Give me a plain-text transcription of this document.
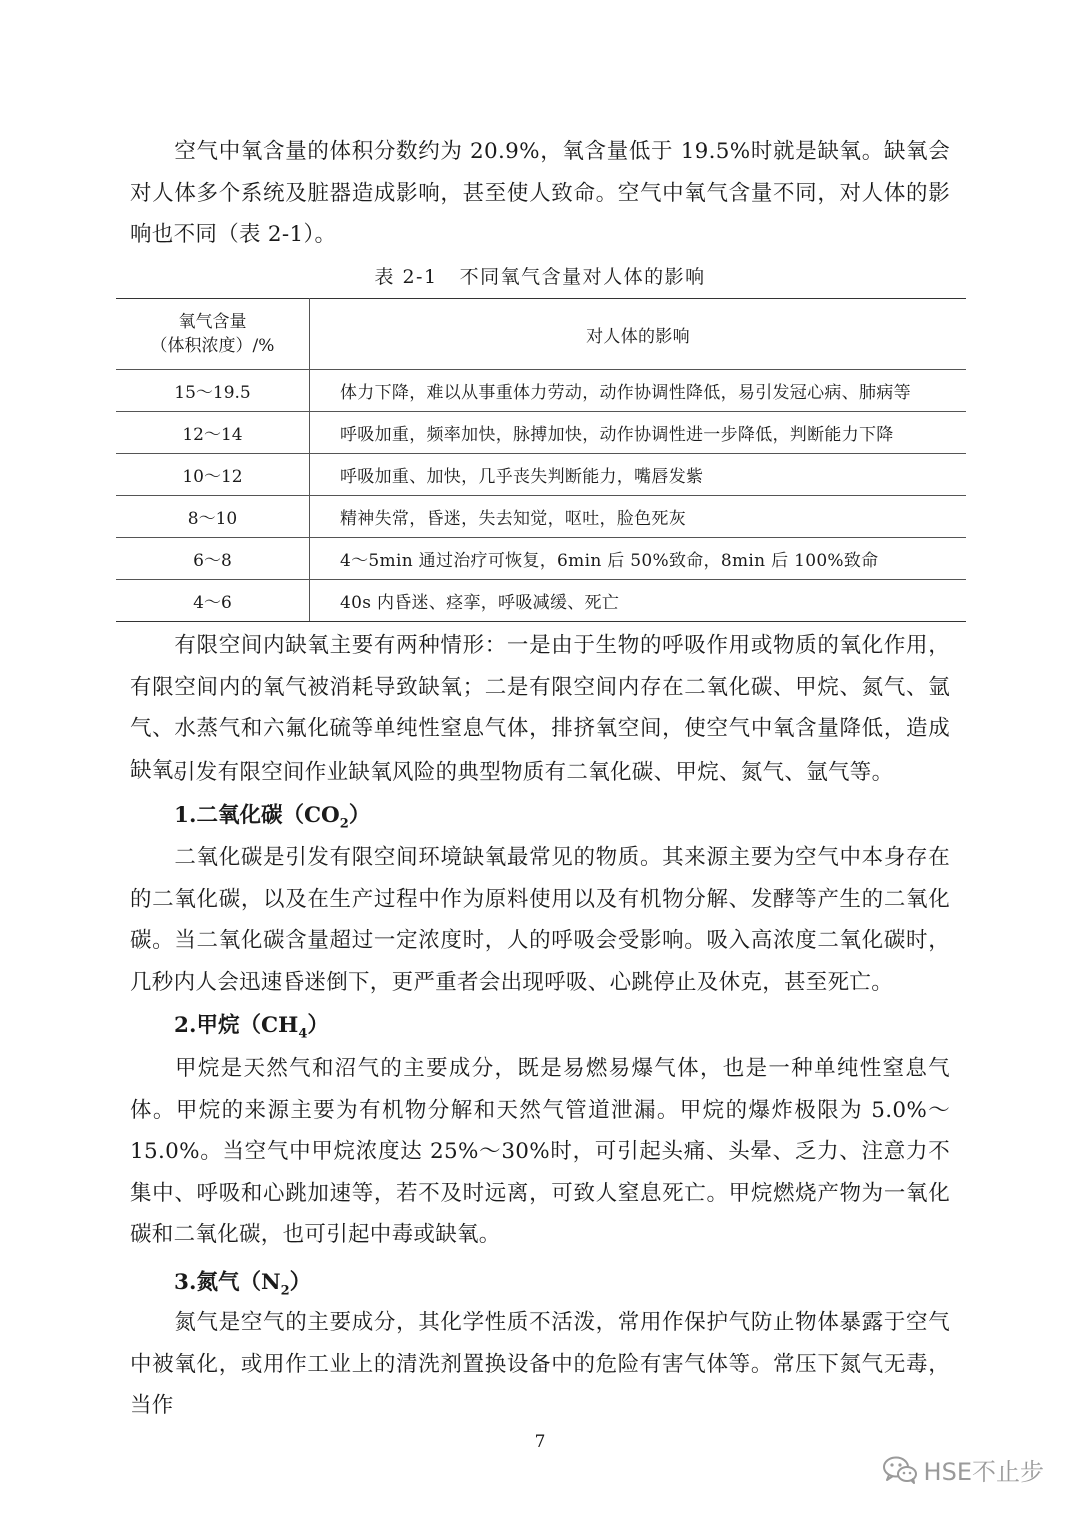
空气中氧含量的体积分数约为 20.9%，氧含量低于 19.5%时就是缺氧。缺氧会对人体多个系统及脏器造成影响，甚至使人致命。空气中氧气含量不同，对人体的影响也不同（表 2-1）。

表 2-1 不同氧气含量对人体的影响
氧气含量
（体积浓度）/%	对人体的影响
15～19.5	体力下降，难以从事重体力劳动，动作协调性降低，易引发冠心病、肺病等
12～14	呼吸加重，频率加快，脉搏加快，动作协调性进一步降低，判断能力下降
10～12	呼吸加重、加快，几乎丧失判断能力，嘴唇发紫
8～10	精神失常，昏迷，失去知觉，呕吐，脸色死灰
6～8	4～5min 通过治疗可恢复，6min 后 50%致命，8min 后 100%致命
4～6	40s 内昏迷、痉挛，呼吸减缓、死亡

有限空间内缺氧主要有两种情形：一是由于生物的呼吸作用或物质的氧化作用，有限空间内的氧气被消耗导致缺氧；二是有限空间内存在二氧化碳、甲烷、氮气、氩气、水蒸气和六氟化硫等单纯性窒息气体，排挤氧空间，使空气中氧含量降低，造成缺氧。

引发有限空间作业缺氧风险的典型物质有二氧化碳、甲烷、氮气、氩气等。

1.二氧化碳$(CO_2)$

二氧化碳是引发有限空间环境缺氧最常见的物质。其来源主要为空气中本身存在的二氧化碳，以及在生产过程中作为原料使用以及有机物分解、发酵等产生的二氧化碳。当二氧化碳含量超过一定浓度时，人的呼吸会受影响。吸入高浓度二氧化碳时，几秒内人会迅速昏迷倒下，更严重者会出现呼吸、心跳停止及休克，甚至死亡。

2.甲烷$(CH_4)$

甲烷是天然气和沼气的主要成分，既是易燃易爆气体，也是一种单纯性窒息气体。甲烷的来源主要为有机物分解和天然气管道泄漏。甲烷的爆炸极限为 5.0%～15.0%。当空气中甲烷浓度达 25%～30%时，可引起头痛、头晕、乏力、注意力不集中、呼吸和心跳加速等，若不及时远离，可致人窒息死亡。甲烷燃烧产物为一氧化碳和二氧化碳，也可引起中毒或缺氧。

3.氮气$(N_2)$

氮气是空气的主要成分，其化学性质不活泼，常用作保护气防止物体暴露于空气中被氧化，或用作工业上的清洗剂置换设备中的危险有害气体等。常压下氮气无毒，当作

7
HSE不止步
